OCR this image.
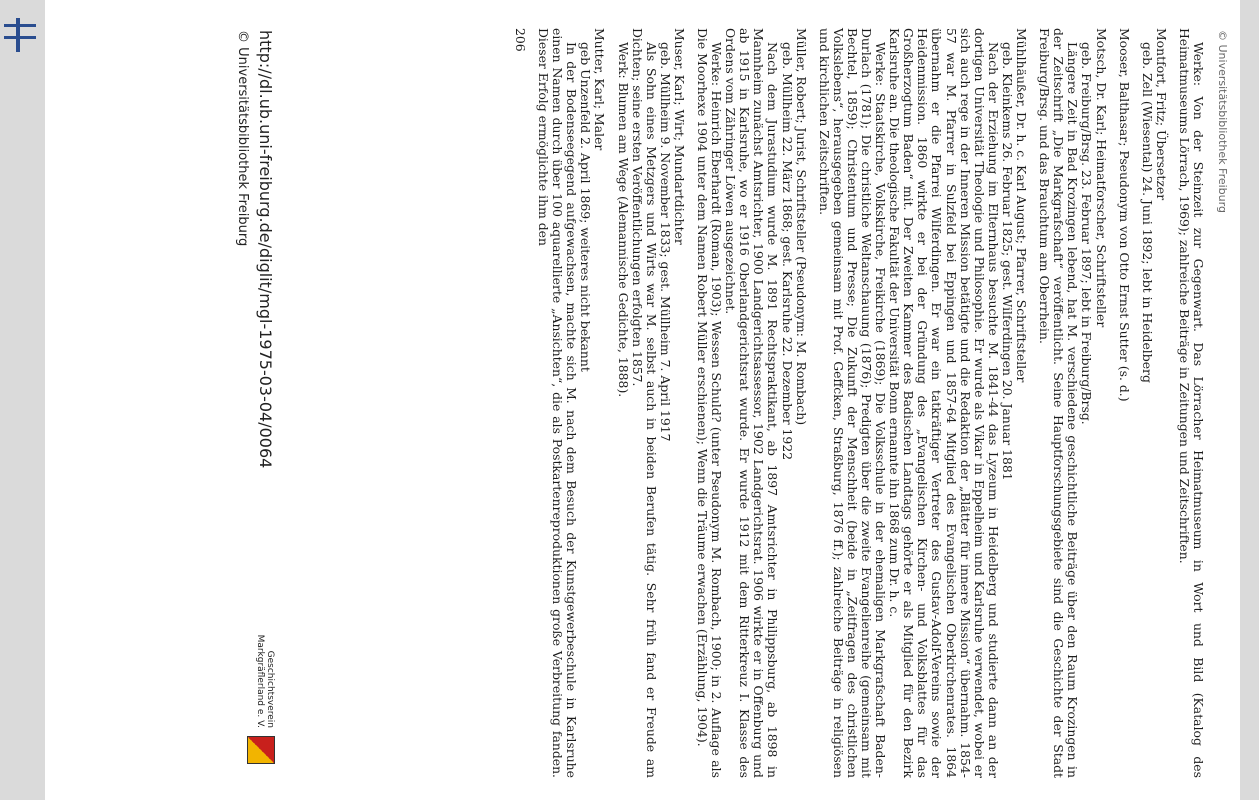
© Universitätsbibliothek Freiburg

Werke: Von der Steinzeit zur Gegenwart. Das Lörracher Heimatmuseum in Wort und Bild (Katalog des Heimatmuseums Lörrach, 1969); zahlreiche Beiträge in Zeitungen und Zeitschriften.

Montfort, Fritz; Übersetzer

geb. Zell (Wiesental) 24. Juni 1892; lebt in Heidelberg

Mooser, Balthasar; Pseudonym von Otto Ernst Sutter (s. d.)

Motsch, Dr. Karl; Heimatforscher, Schriftsteller

geb. Freiburg/Brsg. 23. Februar 1897; lebt in Freiburg/Brsg.

Längere Zeit in Bad Krozingen lebend, hat M. verschiedene geschichtliche Beiträge über den Raum Krozingen in der Zeitschrift „Die Markgrafschaft“ veröffentlicht. Seine Hauptforschungsgebiete sind die Geschichte der Stadt Freiburg/Brsg. und das Brauchtum am Oberrhein.

Mühlhäußer, Dr. h. c. Karl August; Pfarrer, Schriftsteller

geb. Kleinkems 26. Februar 1825; gest. Wilferdingen 20. Januar 1881

Nach der Erziehung im Elternhaus besuchte M. 1841-44 das Lyzeum in Heidelberg und studierte dann an der dortigen Universität Theologie und Philosophie. Er wurde als Vikar in Eppelheim und Karlsruhe verwendet, wobei er sich auch rege in der Inneren Mission betätigte und die Redaktion der „Blätter für innere Mission“ übernahm. 1854-57 war M. Pfarrer in Sulzfeld bei Eppingen und 1857-64 Mitglied des Evangelischen Oberkirchenrates. 1864 übernahm er die Pfarrei Wilferdingen. Er war ein tatkräftiger Vertreter des Gustav-Adolf-Vereins sowie der Heidenmission. 1860 wirkte er bei der Gründung des „Evangelischen Kirchen- und Volksblattes für das Großherzogtum Baden“ mit. Der Zweiten Kammer des Badischen Landtags gehörte er als Mitglied für den Bezirk Karlsruhe an. Die theologische Fakultät der Universität Bonn ernannte ihn 1868 zum Dr. h. c.

Werke: Staatskirche, Volkskirche, Freikirche (1869); Die Volksschule in der ehemaligen Markgrafschaft Baden-Durlach (1781); Die christliche Weltanschauung (1876); Predigten über die zweite Evangelienreihe (gemeinsam mit Bechtel, 1859); Christentum und Presse; Die Zukunft der Menschheit (beide in „Zeitfragen des christlichen Volkslebens“, herausgegeben gemeinsam mit Prof. Geffcken, Straßburg, 1876 ff.); zahlreiche Beiträge in religiösen und kirchlichen Zeitschriften.

Müller, Robert; Jurist, Schriftsteller (Pseudonym: M. Rombach)

geb. Müllheim 22. März 1868; gest. Karlsruhe 22. Dezember 1922

Nach dem Jurastudium wurde M. 1891 Rechtspraktikant, ab 1897 Amtsrichter in Philippsburg, ab 1898 in Mannheim zunächst Amtsrichter, 1900 Landgerichtsassessor, 1902 Landgerichtsrat. 1906 wirkte er in Offenburg und ab 1915 in Karlsruhe, wo er 1916 Oberlandgerichtsrat wurde. Er wurde 1912 mit dem Ritterkreuz I. Klasse des Ordens vom Zähringer Löwen ausgezeichnet.

Werke: Heinrich Eberhardt (Roman, 1903); Wessen Schuld? (unter Pseudonym M. Rombach, 1900; in 2. Auflage als Die Moorhexe 1904 unter dem Namen Robert Müller erschienen); Wenn die Träume erwachen (Erzählung, 1904).

Muser, Karl; Wirt; Mundartdichter

geb. Müllheim 9. November 1833; gest. Müllheim 7. April 1917

Als Sohn eines Metzgers und Wirts war M. selbst auch in beiden Berufen tätig. Sehr früh fand er Freude am Dichten; seine ersten Veröffentlichungen erfolgten 1857.

Werk: Blumen am Wege (Alemannische Gedichte, 1888).

Mutter, Karl; Maler

geb Unzenfeld 2. April 1869; weiteres nicht bekannt

In der Bodenseegegend aufgewachsen, machte sich M. nach dem Besuch der Kunstgewerbeschule in Karlsruhe einen Namen durch über 100 aquarellierte „Ansichten“, die als Postkartenreproduktionen große Verbreitung fanden. Dieser Erfolg ermöglichte ihm den

206

http://dl.ub.uni-freiburg.de/diglit/mgl-1975-03-04/0064
© Universitätsbibliothek Freiburg
Geschichtsverein Markgräflerland e. V.
